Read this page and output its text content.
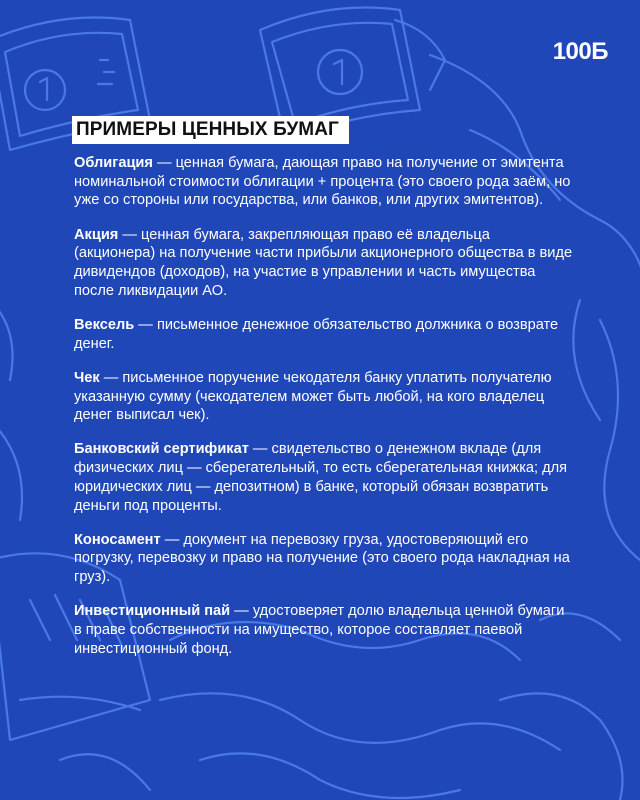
100Б
ПРИМЕРЫ ЦЕННЫХ БУМАГ

Облигация — ценная бумага, дающая право на получение от эмитента номинальной стоимости облигации + процента (это своего рода заём, но уже со стороны или государства, или банков, или других эмитентов).

Акция — ценная бумага, закрепляющая право её владельца (акционера) на получение части прибыли акционерного общества в виде дивидендов (доходов), на участие в управлении и часть имущества после ликвидации АО.

Вексель — письменное денежное обязательство должника о возврате денег.

Чек — письменное поручение чекодателя банку уплатить получателю указанную сумму (чекодателем может быть любой, на кого владелец денег выписал чек).

Банковский сертификат — свидетельство о денежном вкладе (для физических лиц — сберегательный, то есть сберегательная книжка; для юридических лиц — депозитном) в банке, который обязан возвратить деньги под проценты.

Коносамент — документ на перевозку груза, удостоверяющий его погрузку, перевозку и право на получение (это своего рода накладная на груз).

Инвестиционный пай — удостоверяет долю владельца ценной бумаги в праве собственности на имущество, которое составляет паевой инвестиционный фонд.
